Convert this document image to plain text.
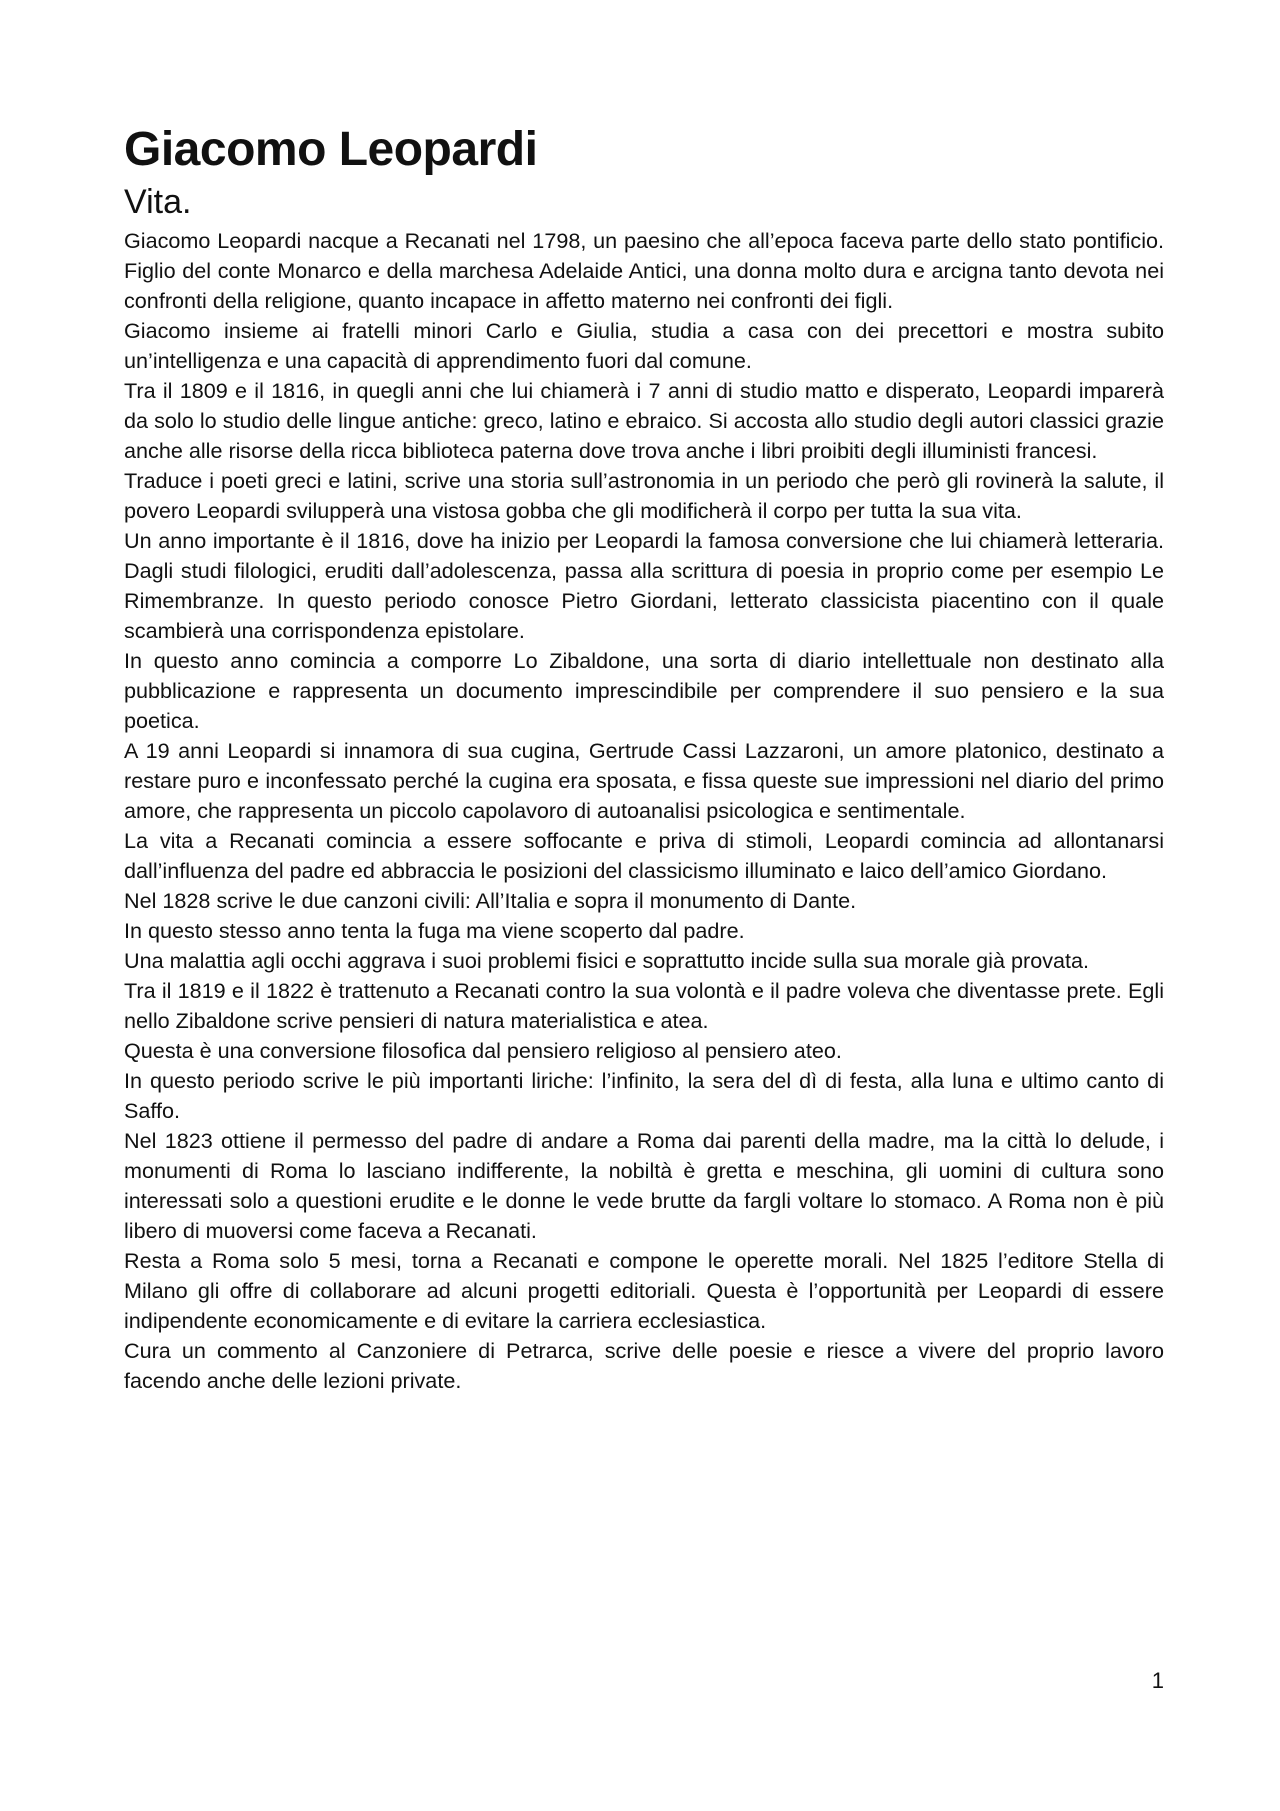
Giacomo Leopardi
Vita.

Giacomo Leopardi nacque a Recanati nel 1798, un paesino che all’epoca faceva parte dello stato pontificio. Figlio del conte Monarco e della marchesa Adelaide Antici, una donna molto dura e arcigna tanto devota nei confronti della religione, quanto incapace in affetto materno nei confronti dei figli.

Giacomo insieme ai fratelli minori Carlo e Giulia, studia a casa con dei precettori e mostra subito un’intelligenza e una capacità di apprendimento fuori dal comune.

Tra il 1809 e il 1816, in quegli anni che lui chiamerà i 7 anni di studio matto e disperato, Leopardi imparerà da solo lo studio delle lingue antiche: greco, latino e ebraico. Si accosta allo studio degli autori classici grazie anche alle risorse della ricca biblioteca paterna dove trova anche i libri proibiti degli illuministi francesi.

Traduce i poeti greci e latini, scrive una storia sull’astronomia in un periodo che però gli rovinerà la salute, il povero Leopardi svilupperà una vistosa gobba che gli modificherà il corpo per tutta la sua vita.

Un anno importante è il 1816, dove ha inizio per Leopardi la famosa conversione che lui chiamerà letteraria. Dagli studi filologici, eruditi dall’adolescenza, passa alla scrittura di poesia in proprio come per esempio Le Rimembranze. In questo periodo conosce Pietro Giordani, letterato classicista piacentino con il quale scambierà una corrispondenza epistolare.

In questo anno comincia a comporre Lo Zibaldone, una sorta di diario intellettuale non destinato alla pubblicazione e rappresenta un documento imprescindibile per comprendere il suo pensiero e la sua poetica.

A 19 anni Leopardi si innamora di sua cugina, Gertrude Cassi Lazzaroni, un amore platonico, destinato a restare puro e inconfessato perché la cugina era sposata, e fissa queste sue impressioni nel diario del primo amore, che rappresenta un piccolo capolavoro di autoanalisi psicologica e sentimentale.

La vita a Recanati comincia a essere soffocante e priva di stimoli, Leopardi comincia ad allontanarsi dall’influenza del padre ed abbraccia le posizioni del classicismo illuminato e laico dell’amico Giordano.

Nel 1828 scrive le due canzoni civili: All’Italia e sopra il monumento di Dante.

In questo stesso anno tenta la fuga ma viene scoperto dal padre.

Una malattia agli occhi aggrava i suoi problemi fisici e soprattutto incide sulla sua morale già provata.

Tra il 1819 e il 1822 è trattenuto a Recanati contro la sua volontà e il padre voleva che diventasse prete. Egli nello Zibaldone scrive pensieri di natura materialistica e atea.

Questa è una conversione filosofica dal pensiero religioso al pensiero ateo.

In questo periodo scrive le più importanti liriche: l’infinito, la sera del dì di festa, alla luna e ultimo canto di Saffo.

Nel 1823 ottiene il permesso del padre di andare a Roma dai parenti della madre, ma la città lo delude, i monumenti di Roma lo lasciano indifferente, la nobiltà è gretta e meschina, gli uomini di cultura sono interessati solo a questioni erudite e le donne le vede brutte da fargli voltare lo stomaco. A Roma non è più libero di muoversi come faceva a Recanati.

Resta a Roma solo 5 mesi, torna a Recanati e compone le operette morali. Nel 1825 l’editore Stella di Milano gli offre di collaborare ad alcuni progetti editoriali. Questa è l’opportunità per Leopardi di essere indipendente economicamente e di evitare la carriera ecclesiastica.

Cura un commento al Canzoniere di Petrarca, scrive delle poesie e riesce a vivere del proprio lavoro facendo anche delle lezioni private.

1
